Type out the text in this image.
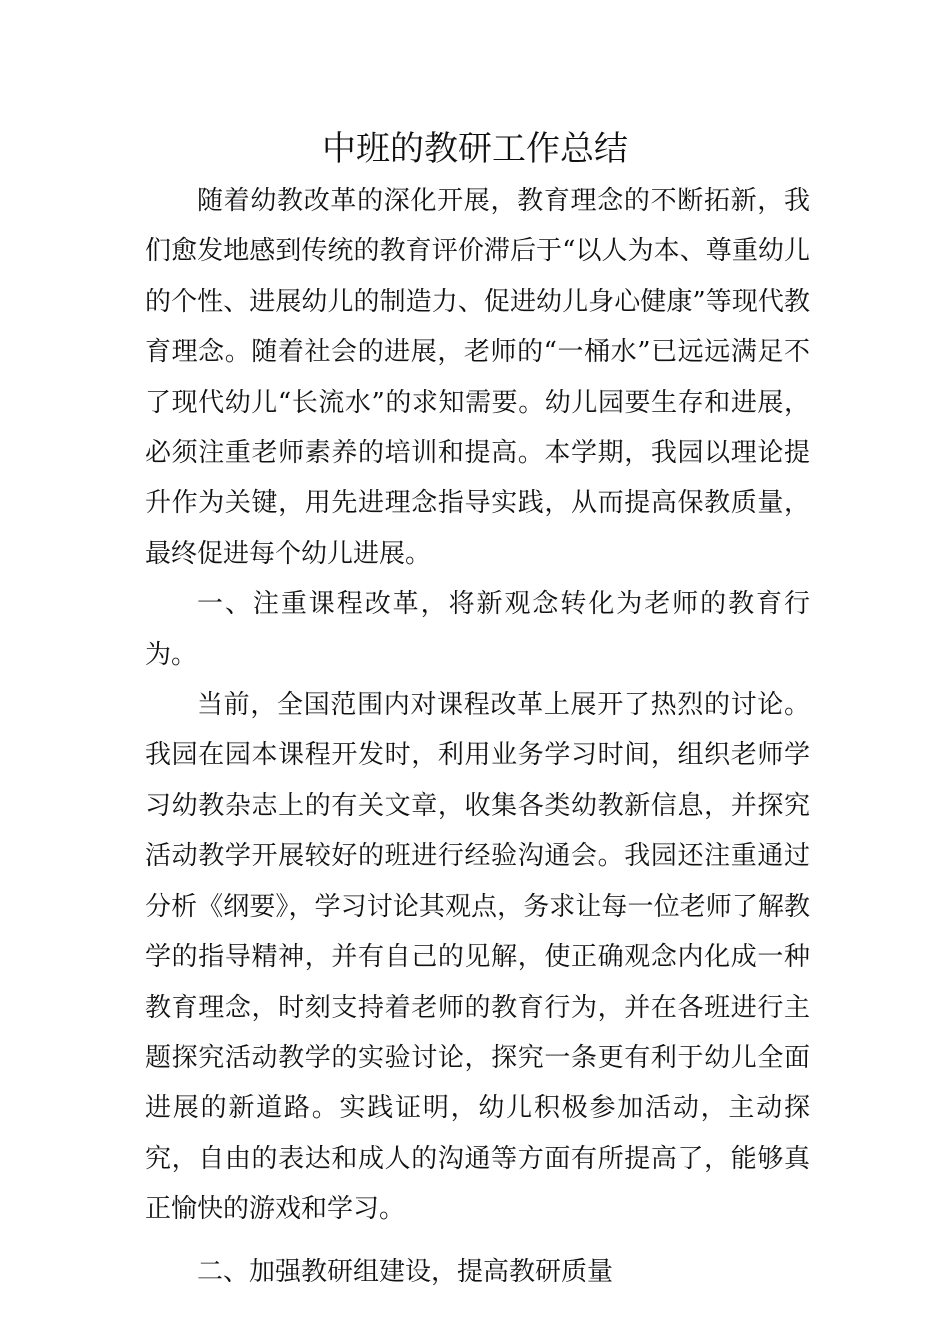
中班的教研工作总结

随着幼教改革的深化开展，教育理念的不断拓新，我们愈发地感到传统的教育评价滞后于“以人为本、尊重幼儿的个性、进展幼儿的制造力、促进幼儿身心健康”等现代教育理念。随着社会的进展，老师的“一桶水”已远远满足不了现代幼儿“长流水”的求知需要。幼儿园要生存和进展，必须注重老师素养的培训和提高。本学期，我园以理论提升作为关键，用先进理念指导实践，从而提高保教质量，最终促进每个幼儿进展。

一、注重课程改革，将新观念转化为老师的教育行为。

当前，全国范围内对课程改革上展开了热烈的讨论。我园在园本课程开发时，利用业务学习时间，组织老师学习幼教杂志上的有关文章，收集各类幼教新信息，并探究活动教学开展较好的班进行经验沟通会。我园还注重通过分析《纲要》，学习讨论其观点，务求让每一位老师了解教学的指导精神，并有自己的见解，使正确观念内化成一种教育理念，时刻支持着老师的教育行为，并在各班进行主题探究活动教学的实验讨论，探究一条更有利于幼儿全面进展的新道路。实践证明，幼儿积极参加活动，主动探究，自由的表达和成人的沟通等方面有所提高了，能够真正愉快的游戏和学习。

二、加强教研组建设，提高教研质量
